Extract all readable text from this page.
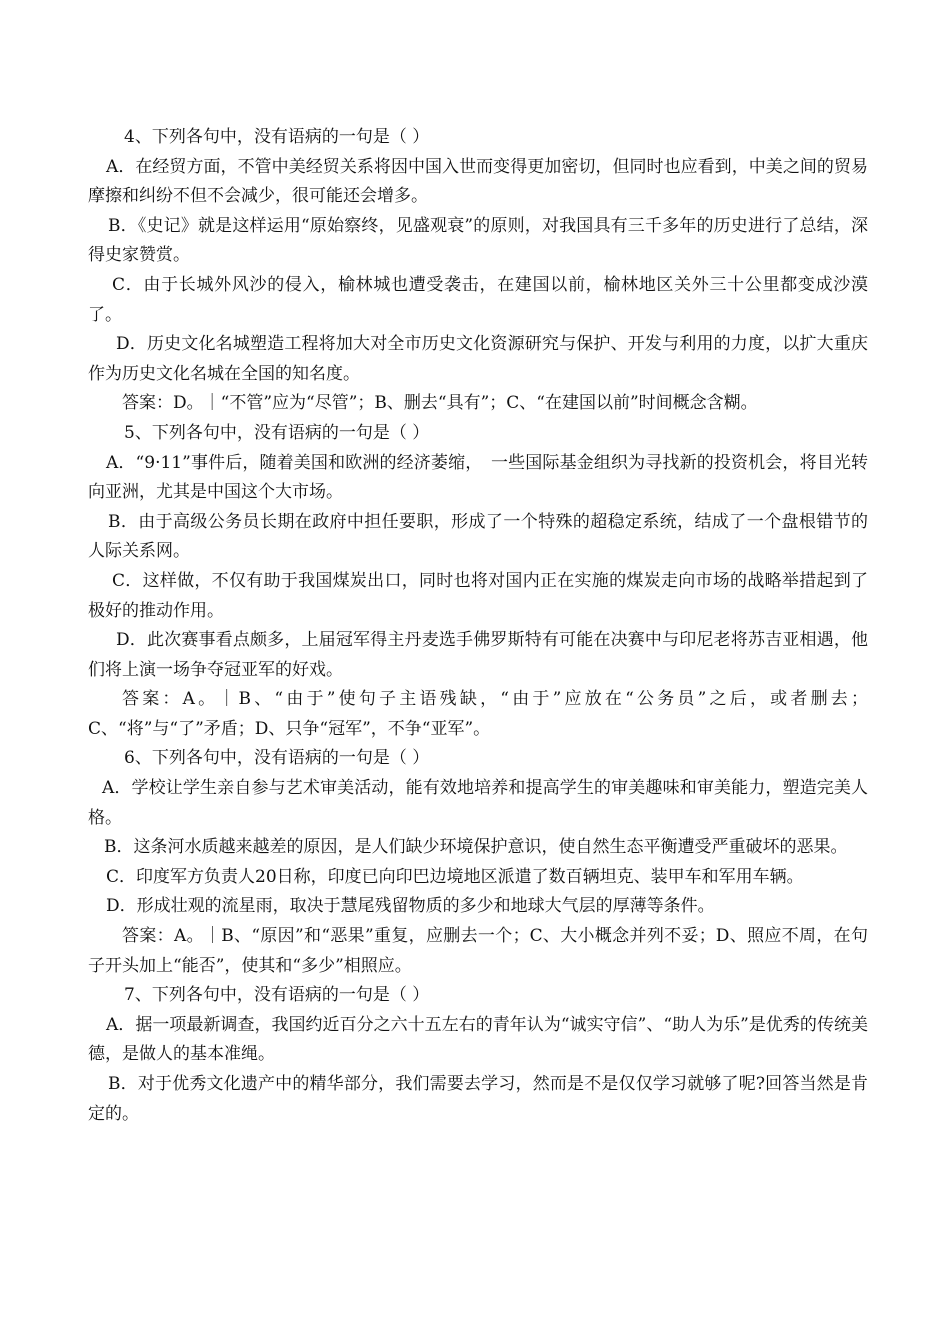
4、下列各句中，没有语病的一句是（ ）

A．在经贸方面，不管中美经贸关系将因中国入世而变得更加密切，但同时也应看到，中美之间的贸易摩擦和纠纷不但不会减少，很可能还会增多。

B．《史记》就是这样运用“原始察终，见盛观衰”的原则，对我国具有三千多年的历史进行了总结，深得史家赞赏。

C．由于长城外风沙的侵入，榆林城也遭受袭击，在建国以前，榆林地区关外三十公里都变成沙漠了。

D．历史文化名城塑造工程将加大对全市历史文化资源研究与保护、开发与利用的力度，以扩大重庆作为历史文化名城在全国的知名度。

答案：D。｜“不管”应为“尽管”；B、删去“具有”；C、“在建国以前”时间概念含糊。

5、下列各句中，没有语病的一句是（ ）

A．“9·11”事件后，随着美国和欧洲的经济萎缩，　一些国际基金组织为寻找新的投资机会，将目光转向亚洲，尤其是中国这个大市场。

B．由于高级公务员长期在政府中担任要职，形成了一个特殊的超稳定系统，结成了一个盘根错节的人际关系网。

C．这样做，不仅有助于我国煤炭出口，同时也将对国内正在实施的煤炭走向市场的战略举措起到了极好的推动作用。

D．此次赛事看点颇多，上届冠军得主丹麦选手佛罗斯特有可能在决赛中与印尼老将苏吉亚相遇，他们将上演一场争夺冠亚军的好戏。

答案：A。｜B、“由于”使句子主语残缺，“由于”应放在“公务员”之后，或者删去；C、“将”与“了”矛盾；D、只争“冠军”，不争“亚军”。

6、下列各句中，没有语病的一句是（ ）

A．学校让学生亲自参与艺术审美活动，能有效地培养和提高学生的审美趣味和审美能力，塑造完美人格。

B．这条河水质越来越差的原因，是人们缺少环境保护意识，使自然生态平衡遭受严重破坏的恶果。

C．印度军方负责人20日称，印度已向印巴边境地区派遣了数百辆坦克、装甲车和军用车辆。

D．形成壮观的流星雨，取决于慧尾残留物质的多少和地球大气层的厚薄等条件。

答案：A。｜B、“原因”和“恶果”重复，应删去一个；C、大小概念并列不妥；D、照应不周，在句子开头加上“能否”，使其和“多少”相照应。

7、下列各句中，没有语病的一句是（ ）

A．据一项最新调查，我国约近百分之六十五左右的青年认为“诚实守信”、“助人为乐”是优秀的传统美德，是做人的基本准绳。

B．对于优秀文化遗产中的精华部分，我们需要去学习，然而是不是仅仅学习就够了呢?回答当然是肯定的。
